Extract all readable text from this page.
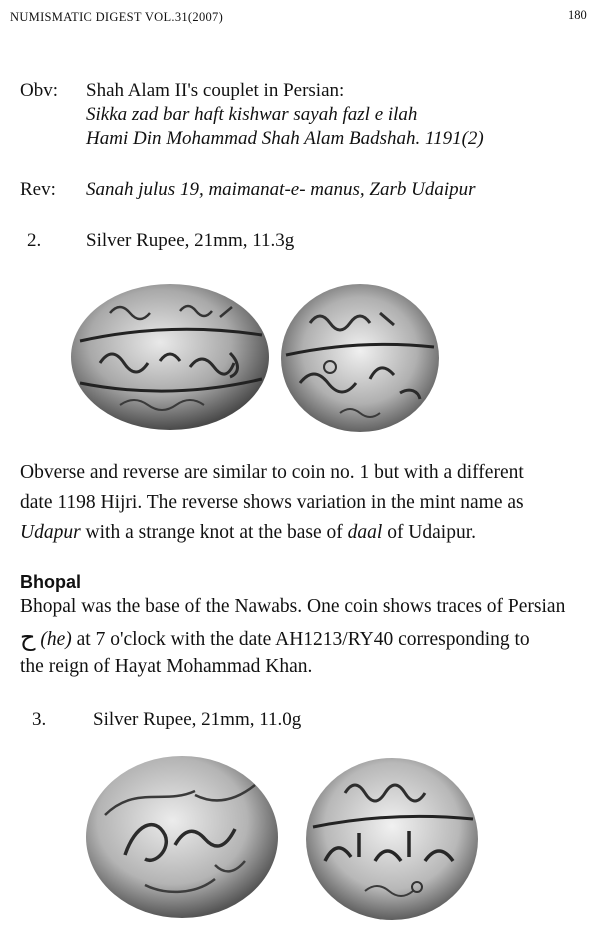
NUMISMATIC DIGEST VOL.31(2007)	180
Obv: Shah Alam II's couplet in Persian:
Sikka zad bar haft kishwar sayah fazl e ilah
Hami Din Mohammad Shah Alam Badshah. 1191(2)
Rev: Sanah julus 19, maimanat-e- manus, Zarb Udaipur
2. Silver Rupee, 21mm, 11.3g
Obverse and reverse are similar to coin no. 1 but with a different
date 1198 Hijri. The reverse shows variation in the mint name as
Udapur with a strange knot at the base of daal of Udaipur.
Bhopal
Bhopal was the base of the Nawabs. One coin shows traces of Persian
ح (he) at 7 o'clock with the date AH1213/RY40 corresponding to
the reign of Hayat Mohammad Khan.
3. Silver Rupee, 21mm, 11.0g
